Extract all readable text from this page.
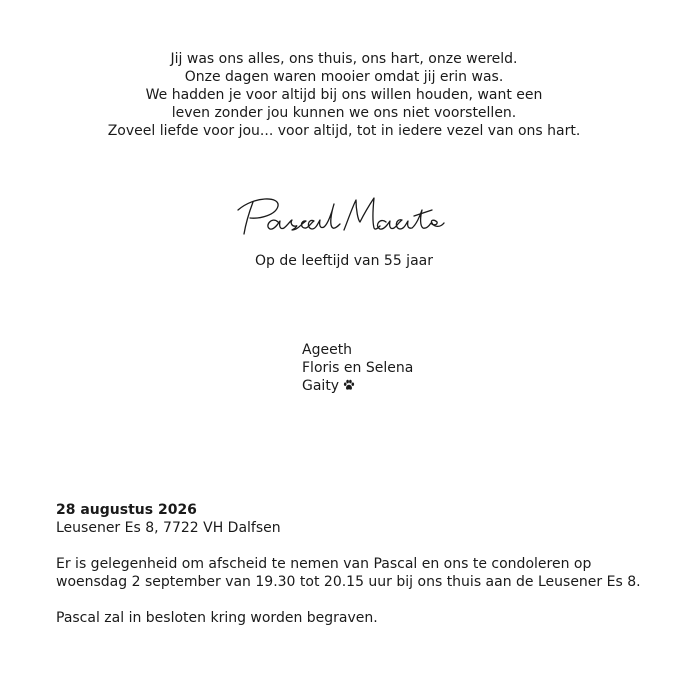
Jij was ons alles, ons thuis, ons hart, onze wereld.
Onze dagen waren mooier omdat jij erin was.
We hadden je voor altijd bij ons willen houden, want een
leven zonder jou kunnen we ons niet voorstellen.
Zoveel liefde voor jou... voor altijd, tot in iedere vezel van ons hart.
Op de leeftijd van 55 jaar
Ageeth
Floris en Selena
Gaity
28 augustus 2026
Leusener Es 8, 7722 VH Dalfsen
Er is gelegenheid om afscheid te nemen van Pascal en ons te condoleren op
woensdag 2 september van 19.30 tot 20.15 uur bij ons thuis aan de Leusener Es 8.
Pascal zal in besloten kring worden begraven.
